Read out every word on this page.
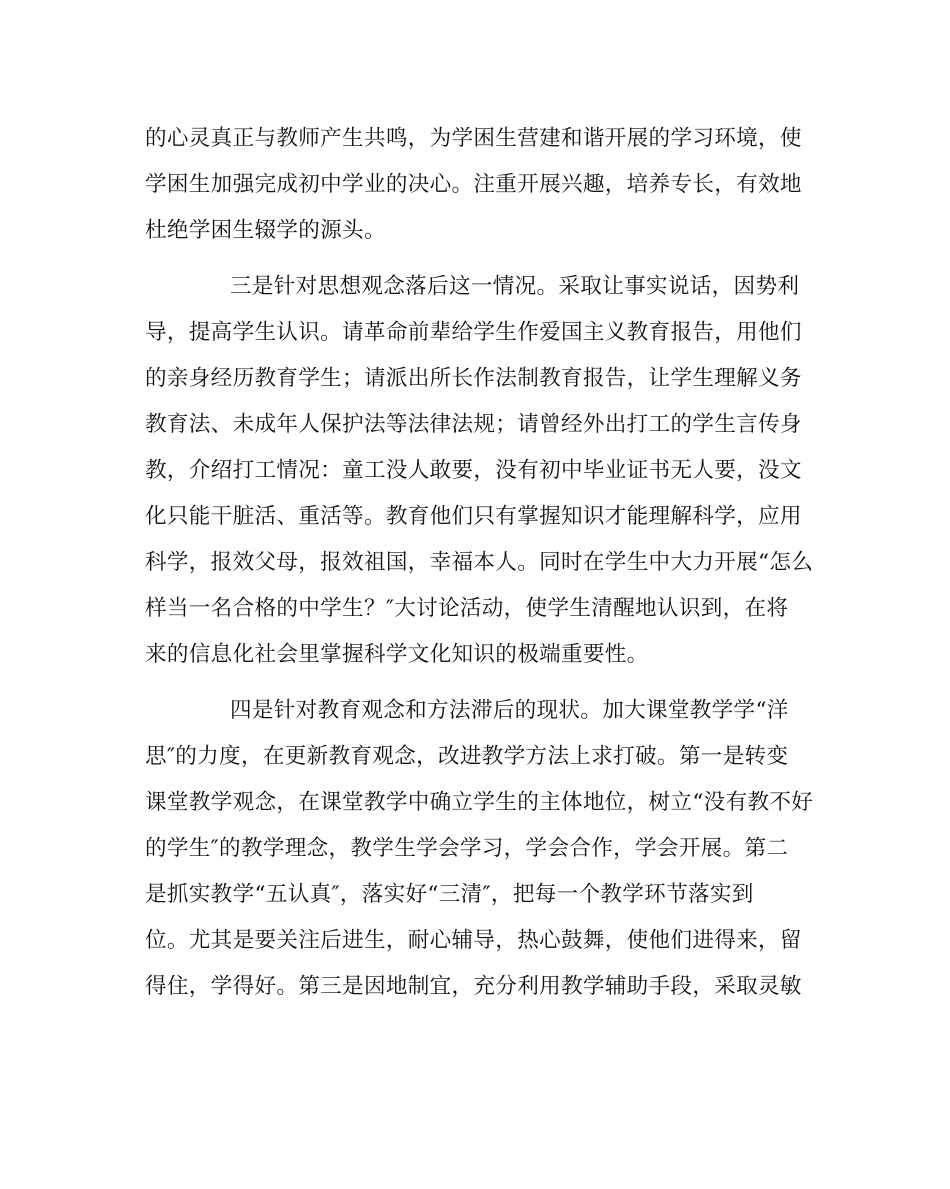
的心灵真正与教师产生共鸣，为学困生营建和谐开展的学习环境，使
学困生加强完成初中学业的决心。注重开展兴趣，培养专长，有效地
杜绝学困生辍学的源头。
三是针对思想观念落后这一情况。采取让事实说话，因势利
导，提高学生认识。请革命前辈给学生作爱国主义教育报告，用他们
的亲身经历教育学生；请派出所长作法制教育报告，让学生理解义务
教育法、未成年人保护法等法律法规；请曾经外出打工的学生言传身
教，介绍打工情况：童工没人敢要，没有初中毕业证书无人要，没文
化只能干脏活、重活等。教育他们只有掌握知识才能理解科学，应用
科学，报效父母，报效祖国，幸福本人。同时在学生中大力开展“怎么
样当一名合格的中学生？″大讨论活动，使学生清醒地认识到，在将
来的信息化社会里掌握科学文化知识的极端重要性。
四是针对教育观念和方法滞后的现状。加大课堂教学学“洋
思″的力度，在更新教育观念，改进教学方法上求打破。第一是转变
课堂教学观念，在课堂教学中确立学生的主体地位，树立“没有教不好
的学生″的教学理念，教学生学会学习，学会合作，学会开展。第二
是抓实教学“五认真″，落实好“三清″，把每一个教学环节落实到
位。尤其是要关注后进生，耐心辅导，热心鼓舞，使他们进得来，留
得住，学得好。第三是因地制宜，充分利用教学辅助手段，采取灵敏
